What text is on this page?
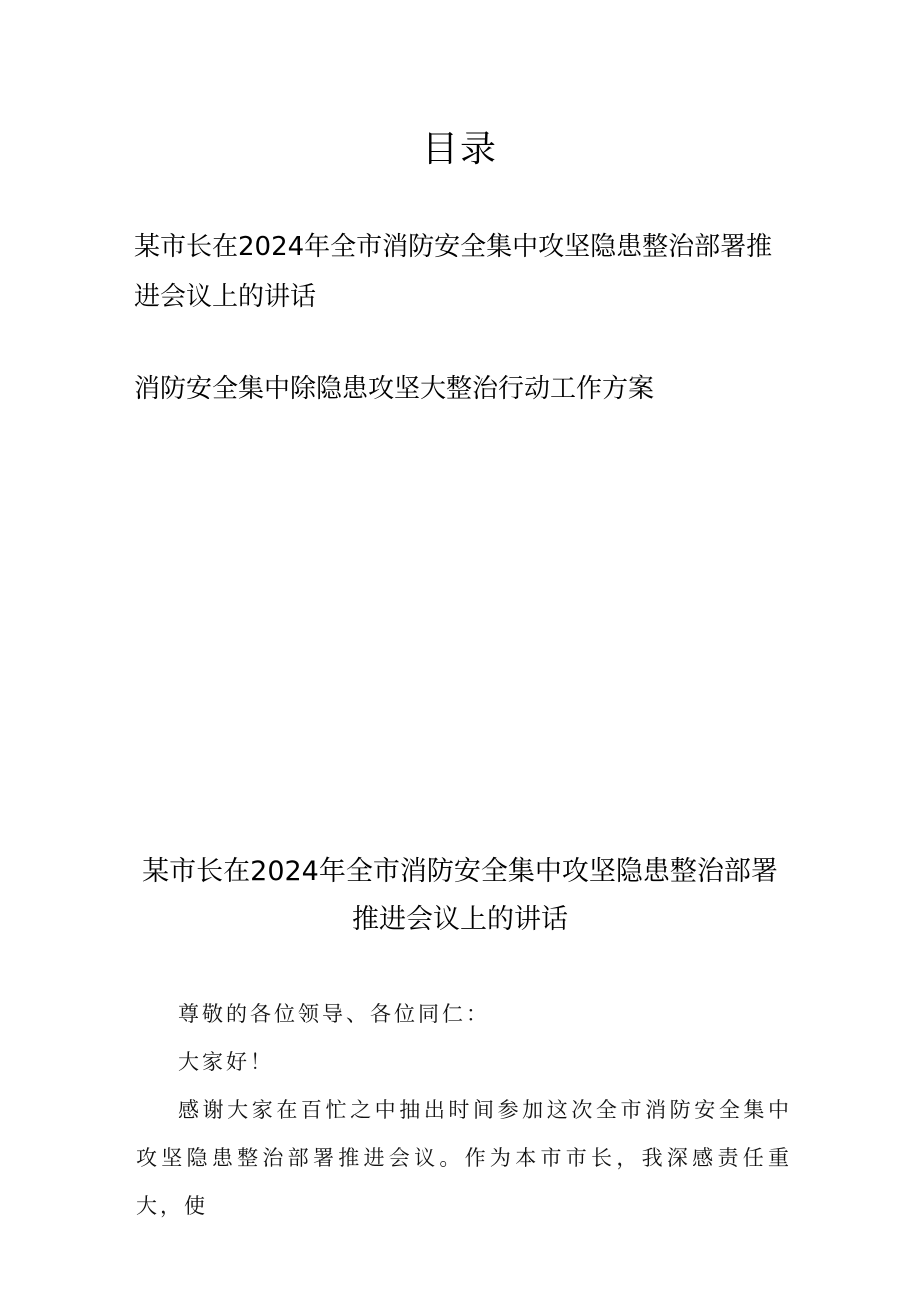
目录
某市长在2024年全市消防安全集中攻坚隐患整治部署推进会议上的讲话
消防安全集中除隐患攻坚大整治行动工作方案
某市长在2024年全市消防安全集中攻坚隐患整治部署推进会议上的讲话

尊敬的各位领导、各位同仁：

大家好！

感谢大家在百忙之中抽出时间参加这次全市消防安全集中攻坚隐患整治部署推进会议。作为本市市长，我深感责任重大，使
